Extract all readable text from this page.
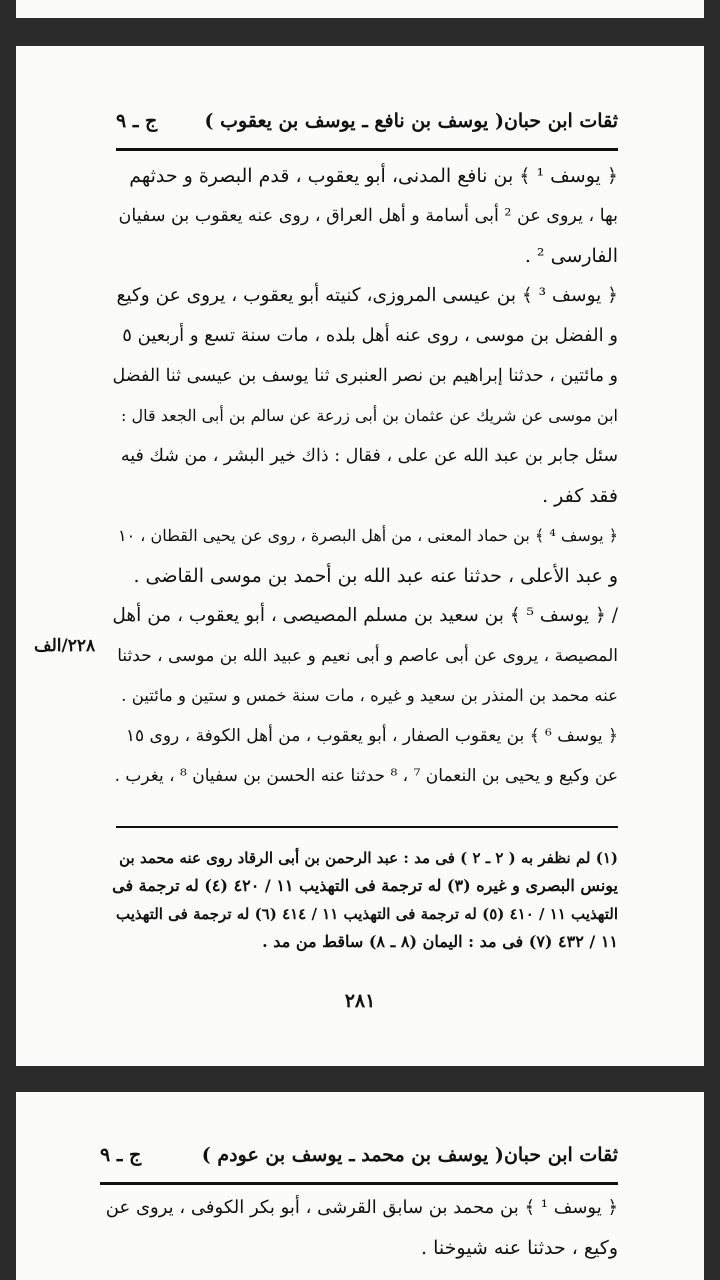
ثقات ابن حبان
( يوسف بن نافع ـ يوسف بن يعقوب )
ج ـ ٩
﴿ يوسف ¹ ﴾ بن نافع المدنى، أبو يعقوب ، قدم البصرة و حدثهم
بها ، يروى عن ² أبى أسامة و أهل العراق ، روى عنه يعقوب بن سفيان
الفارسى ² .
﴿ يوسف ³ ﴾ بن عيسى المروزى، كنيته أبو يعقوب ، يروى عن وكيع
و الفضل بن موسى ، روى عنه أهل بلده ، مات سنة تسع و أربعين ٥
و مائتين ، حدثنا إبراهيم بن نصر العنبرى ثنا يوسف بن عيسى ثنا الفضل
ابن موسى عن شريك عن عثمان بن أبى زرعة عن سالم بن أبى الجعد قال :
سئل جابر بن عبد الله عن على ، فقال : ذاك خير البشر ، من شك فيه
فقد كفر .
﴿ يوسف ⁴ ﴾ بن حماد المعنى ، من أهل البصرة ، روى عن يحيى القطان ، ١٠
و عبد الأعلى ، حدثنا عنه عبد الله بن أحمد بن موسى القاضى .
/ ﴿ يوسف ⁵ ﴾ بن سعيد بن مسلم المصيصى ، أبو يعقوب ، من أهل
المصيصة ، يروى عن أبى عاصم و أبى نعيم و عبيد الله بن موسى ، حدثنا
عنه محمد بن المنذر بن سعيد و غيره ، مات سنة خمس و ستين و مائتين .
﴿ يوسف ⁶ ﴾ بن يعقوب الصفار ، أبو يعقوب ، من أهل الكوفة ، روى ١٥
عن وكيع و يحيى بن النعمان ⁷ ، ⁸ حدثنا عنه الحسن بن سفيان ⁸ ، يغرب .
٢٢٨/الف
(١) لم نظفر به ( ٢ ـ ٢ ) فى مد : عبد الرحمن بن أبى الرقاد روى عنه محمد بن
يونس البصرى و غيره (٣) له ترجمة فى التهذيب ١١ / ٤٢٠ (٤) له ترجمة فى
التهذيب ١١ / ٤١٠ (٥) له ترجمة فى التهذيب ١١ / ٤١٤ (٦) له ترجمة فى التهذيب
١١ / ٤٣٢ (٧) فى مد : اليمان (٨ ـ ٨) ساقط من مد .
٢٨١
ثقات ابن حبان
( يوسف بن محمد ـ يوسف بن عودم )
ج ـ ٩
﴿ يوسف ¹ ﴾ بن محمد بن سابق القرشى ، أبو بكر الكوفى ، يروى عن
وكيع ، حدثنا عنه شيوخنا .
